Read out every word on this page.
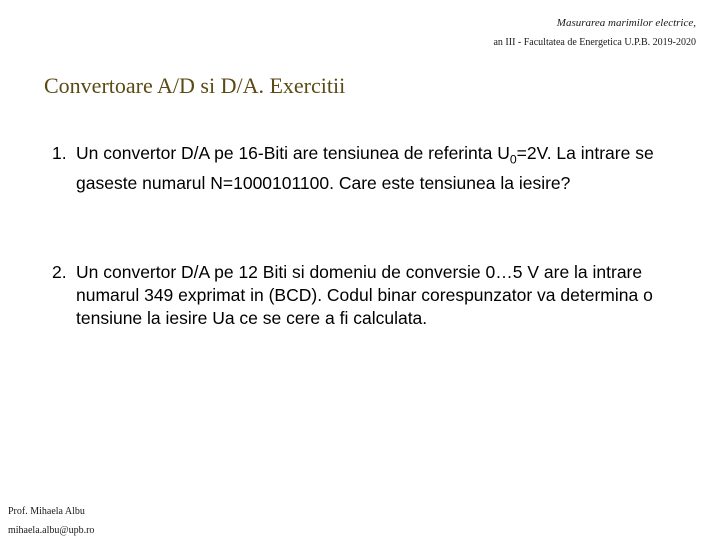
Masurarea marimilor electrice,
an III - Facultatea de Energetica U.P.B. 2019-2020
Convertoare A/D si D/A. Exercitii
1. Un convertor D/A pe 16-Biti are tensiunea de referinta $U_0=2V$. La intrare se gaseste numarul N=1000101100. Care este tensiunea la iesire?
2. Un convertor D/A pe 12 Biti si domeniu de conversie 0…5 V are la intrare numarul 349 exprimat in (BCD). Codul binar corespunzator va determina o tensiune la iesire Ua ce se cere a fi calculata.
Prof. Mihaela Albu
mihaela.albu@upb.ro
